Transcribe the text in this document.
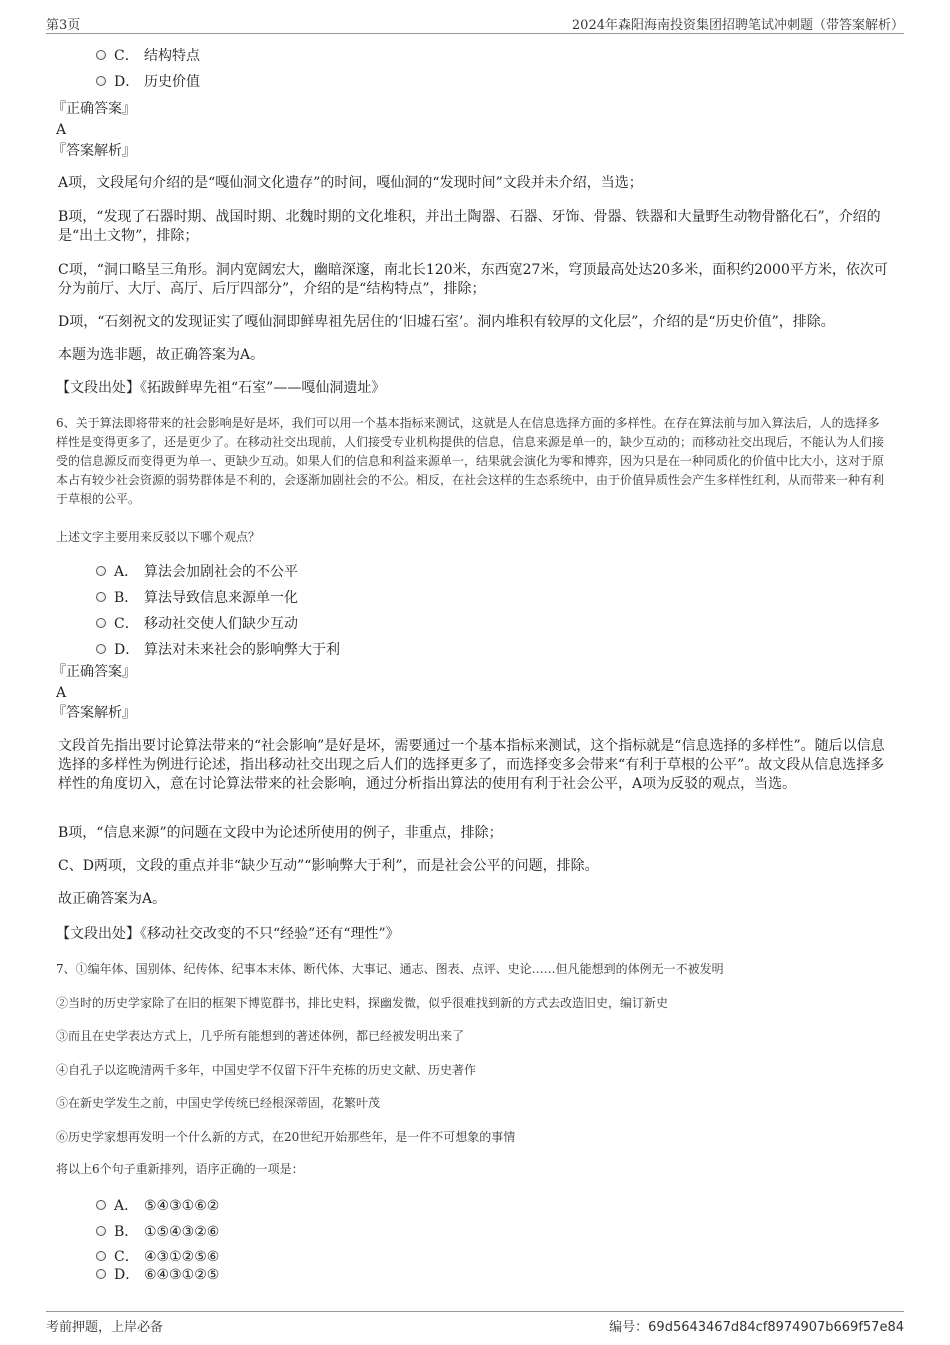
第3页	2024年森阳海南投资集团招聘笔试冲刺题（带答案解析）
C． 结构特点
D． 历史价值
『正确答案』
A
『答案解析』
A项，文段尾句介绍的是“嘎仙洞文化遗存”的时间，嘎仙洞的“发现时间”文段并未介绍，当选；
B项，“发现了石器时期、战国时期、北魏时期的文化堆积，并出土陶器、石器、牙饰、骨器、铁器和大量野生动物骨骼化石”，介绍的是“出土文物”，排除；
C项，“洞口略呈三角形。洞内宽阔宏大，幽暗深邃，南北长120米，东西宽27米，穹顶最高处达20多米，面积约2000平方米，依次可分为前厅、大厅、高厅、后厅四部分”，介绍的是“结构特点”，排除；
D项，“石刻祝文的发现证实了嘎仙洞即鲜卑祖先居住的‘旧墟石室’。洞内堆积有较厚的文化层”，介绍的是“历史价值”，排除。
本题为选非题，故正确答案为A。
【文段出处】《拓跋鲜卑先祖“石室”——嘎仙洞遗址》
6、关于算法即将带来的社会影响是好是坏，我们可以用一个基本指标来测试，这就是人在信息选择方面的多样性。在存在算法前与加入算法后，人的选择多样性是变得更多了，还是更少了。在移动社交出现前，人们接受专业机构提供的信息，信息来源是单一的，缺少互动的；而移动社交出现后，不能认为人们接受的信息源反而变得更为单一、更缺少互动。如果人们的信息和利益来源单一，结果就会演化为零和博弈，因为只是在一种同质化的价值中比大小，这对于原本占有较少社会资源的弱势群体是不利的，会逐渐加剧社会的不公。相反，在社会这样的生态系统中，由于价值异质性会产生多样性红利，从而带来一种有利于草根的公平。
上述文字主要用来反驳以下哪个观点？
A． 算法会加剧社会的不公平
B． 算法导致信息来源单一化
C． 移动社交使人们缺少互动
D． 算法对未来社会的影响弊大于利
『正确答案』
A
『答案解析』
文段首先指出要讨论算法带来的“社会影响”是好是坏，需要通过一个基本指标来测试，这个指标就是“信息选择的多样性”。随后以信息选择的多样性为例进行论述，指出移动社交出现之后人们的选择更多了，而选择变多会带来“有利于草根的公平”。故文段从信息选择多样性的角度切入，意在讨论算法带来的社会影响，通过分析指出算法的使用有利于社会公平，A项为反驳的观点，当选。
B项，“信息来源”的问题在文段中为论述所使用的例子，非重点，排除；
C、D两项，文段的重点并非“缺少互动”“影响弊大于利”，而是社会公平的问题，排除。
故正确答案为A。
【文段出处】《移动社交改变的不只“经验”还有“理性”》
7、①编年体、国别体、纪传体、纪事本末体、断代体、大事记、通志、图表、点评、史论……但凡能想到的体例无一不被发明
②当时的历史学家除了在旧的框架下博览群书，排比史料，探幽发微，似乎很难找到新的方式去改造旧史，编订新史
③而且在史学表达方式上，几乎所有能想到的著述体例，都已经被发明出来了
④自孔子以迄晚清两千多年，中国史学不仅留下汗牛充栋的历史文献、历史著作
⑤在新史学发生之前，中国史学传统已经根深蒂固，花繁叶茂
⑥历史学家想再发明一个什么新的方式，在20世纪开始那些年，是一件不可想象的事情
将以上6个句子重新排列，语序正确的一项是：
A． ⑤④③①⑥②
B． ①⑤④③②⑥
C． ④③①②⑤⑥
D． ⑥④③①②⑤
考前押题，上岸必备	编号：69d5643467d84cf8974907b669f57e84
